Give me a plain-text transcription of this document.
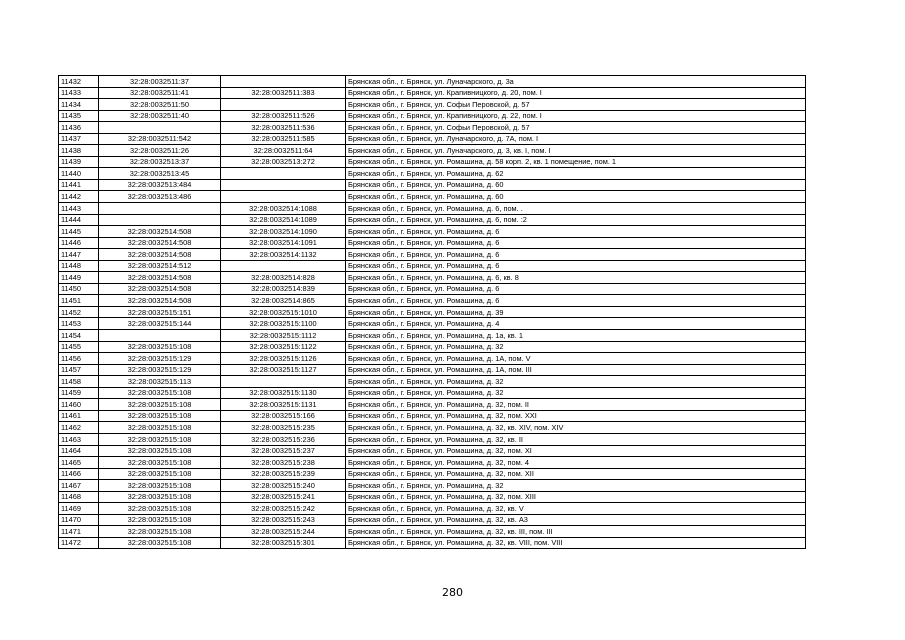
11432	32:28:0032511:37		Брянская обл., г. Брянск, ул. Луначарского, д. 3а
11433	32:28:0032511:41	32:28:0032511:383	Брянская обл., г. Брянск, ул. Крапивницкого, д. 20, пом. I
11434	32:28:0032511:50		Брянская обл., г. Брянск, ул. Софьи Перовской, д. 57
11435	32:28:0032511:40	32:28:0032511:526	Брянская обл., г. Брянск, ул. Крапивницкого, д. 22, пом. I
11436		32:28:0032511:536	Брянская обл., г. Брянск, ул. Софьи Перовской, д. 57
11437	32:28:0032511:542	32:28:0032511:585	Брянская обл., г. Брянск, ул. Луначарского, д. 7А, пом. I
11438	32:28:0032511:26	32:28:0032511:64	Брянская обл., г. Брянск, ул. Луначарского, д. 3, кв. I, пом. I
11439	32:28:0032513:37	32:28:0032513:272	Брянская обл., г. Брянск, ул. Ромашина, д. 58 корп. 2, кв. 1 помещение, пом. 1
11440	32:28:0032513:45		Брянская обл., г. Брянск, ул. Ромашина, д. 62
11441	32:28:0032513:484		Брянская обл., г. Брянск, ул. Ромашина, д. 60
11442	32:28:0032513:486		Брянская обл., г. Брянск, ул. Ромашина, д. 60
11443		32:28:0032514:1088	Брянская обл., г. Брянск, ул. Ромашина, д. 6, пом. .
11444		32:28:0032514:1089	Брянская обл., г. Брянск, ул. Ромашина, д. 6, пом. :2
11445	32:28:0032514:508	32:28:0032514:1090	Брянская обл., г. Брянск, ул. Ромашина, д. 6
11446	32:28:0032514:508	32:28:0032514:1091	Брянская обл., г. Брянск, ул. Ромашина, д. 6
11447	32:28:0032514:508	32:28:0032514:1132	Брянская обл., г. Брянск, ул. Ромашина, д. 6
11448	32:28:0032514:512		Брянская обл., г. Брянск, ул. Ромашина, д. 6
11449	32:28:0032514:508	32:28:0032514:828	Брянская обл., г. Брянск, ул. Ромашина, д. 6, кв. 8
11450	32:28:0032514:508	32:28:0032514:839	Брянская обл., г. Брянск, ул. Ромашина, д. 6
11451	32:28:0032514:508	32:28:0032514:865	Брянская обл., г. Брянск, ул. Ромашина, д. 6
11452	32:28:0032515:151	32:28:0032515:1010	Брянская обл., г. Брянск, ул. Ромашина, д. 39
11453	32:28:0032515:144	32:28:0032515:1100	Брянская обл., г. Брянск, ул. Ромашина, д. 4
11454		32:28:0032515:1112	Брянская обл., г. Брянск, ул. Ромашина, д. 1а, кв. 1
11455	32:28:0032515:108	32:28:0032515:1122	Брянская обл., г. Брянск, ул. Ромашина, д. 32
11456	32:28:0032515:129	32:28:0032515:1126	Брянская обл., г. Брянск, ул. Ромашина, д. 1А, пом. V
11457	32:28:0032515:129	32:28:0032515:1127	Брянская обл., г. Брянск, ул. Ромашина, д. 1А, пом. III
11458	32:28:0032515:113		Брянская обл., г. Брянск, ул. Ромашина, д. 32
11459	32:28:0032515:108	32:28:0032515:1130	Брянская обл., г. Брянск, ул. Ромашина, д. 32
11460	32:28:0032515:108	32:28:0032515:1131	Брянская обл., г. Брянск, ул. Ромашина, д. 32, пом. II
11461	32:28:0032515:108	32:28:0032515:166	Брянская обл., г. Брянск, ул. Ромашина, д. 32, пом. XXI
11462	32:28:0032515:108	32:28:0032515:235	Брянская обл., г. Брянск, ул. Ромашина, д. 32, кв. XIV, пом. XIV
11463	32:28:0032515:108	32:28:0032515:236	Брянская обл., г. Брянск, ул. Ромашина, д. 32, кв. II
11464	32:28:0032515:108	32:28:0032515:237	Брянская обл., г. Брянск, ул. Ромашина, д. 32, пом. XI
11465	32:28:0032515:108	32:28:0032515:238	Брянская обл., г. Брянск, ул. Ромашина, д. 32, пом. 4
11466	32:28:0032515:108	32:28:0032515:239	Брянская обл., г. Брянск, ул. Ромашина, д. 32, пом. XII
11467	32:28:0032515:108	32:28:0032515:240	Брянская обл., г. Брянск, ул. Ромашина, д. 32
11468	32:28:0032515:108	32:28:0032515:241	Брянская обл., г. Брянск, ул. Ромашина, д. 32, пом. XIII
11469	32:28:0032515:108	32:28:0032515:242	Брянская обл., г. Брянск, ул. Ромашина, д. 32, кв. V
11470	32:28:0032515:108	32:28:0032515:243	Брянская обл., г. Брянск, ул. Ромашина, д. 32, кв. А3
11471	32:28:0032515:108	32:28:0032515:244	Брянская обл., г. Брянск, ул. Ромашина, д. 32, кв. III, пом. III
11472	32:28:0032515:108	32:28:0032515:301	Брянская обл., г. Брянск, ул. Ромашина, д. 32, кв. VIII, пом. VIII
280
